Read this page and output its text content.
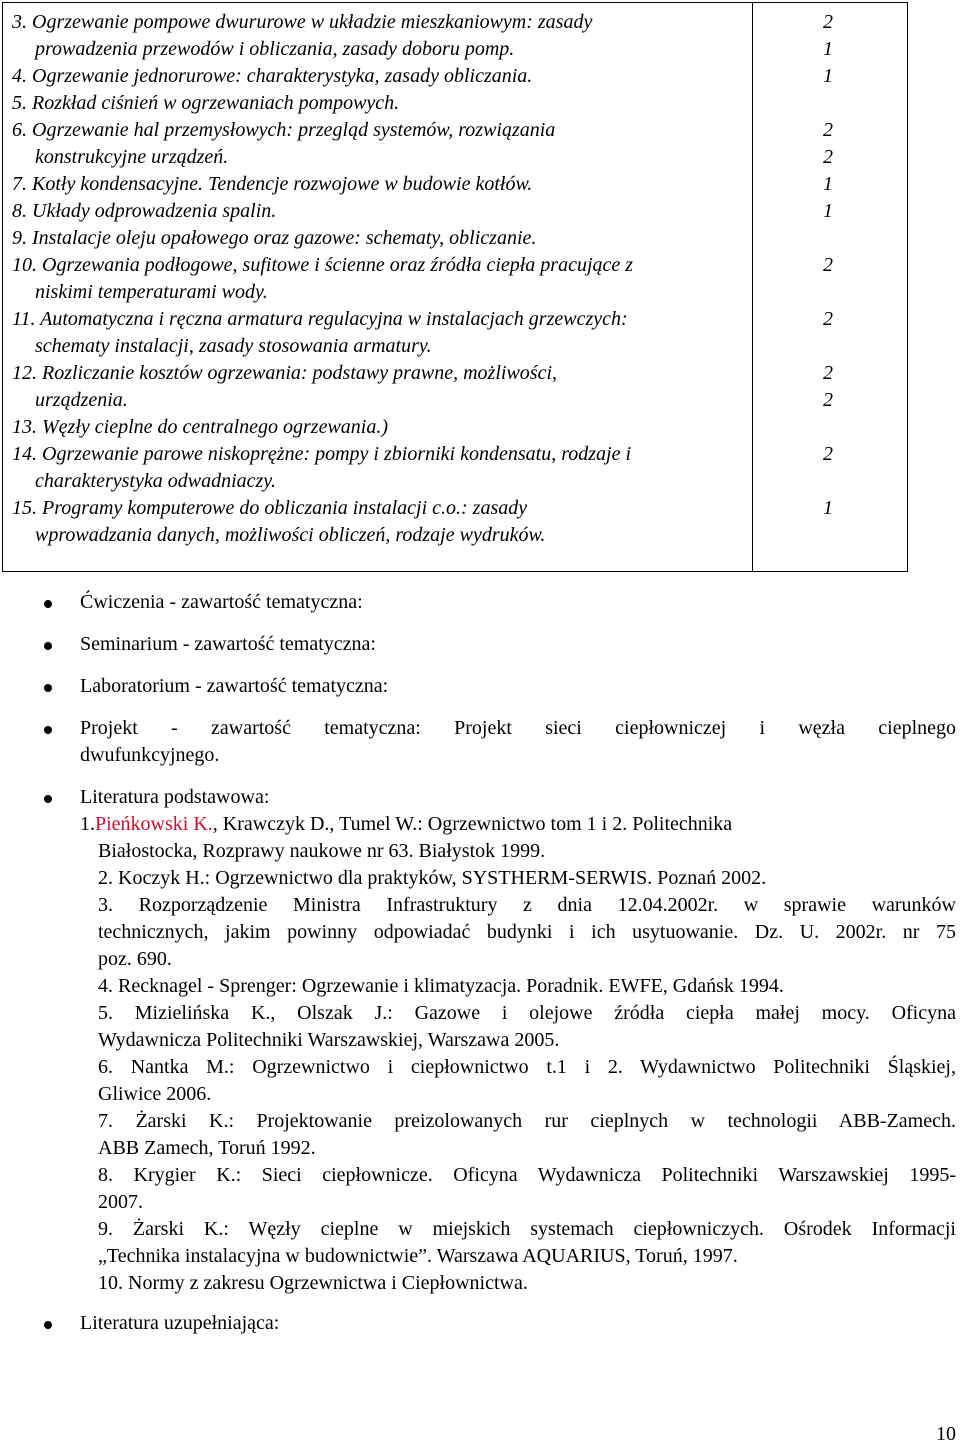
3. Ogrzewanie pompowe dwururowe w układzie mieszkaniowym: zasady
prowadzenia przewodów i obliczania, zasady doboru pomp.
4. Ogrzewanie jednorurowe: charakterystyka, zasady obliczania.
5. Rozkład ciśnień w ogrzewaniach pompowych.
6. Ogrzewanie hal przemysłowych: przegląd systemów, rozwiązania
konstrukcyjne urządzeń.
7. Kotły kondensacyjne. Tendencje rozwojowe w budowie kotłów.
8. Układy odprowadzenia spalin.
9. Instalacje oleju opałowego oraz gazowe: schematy, obliczanie.
10. Ogrzewania podłogowe, sufitowe i ścienne oraz źródła ciepła pracujące z
niskimi temperaturami wody.
11. Automatyczna i ręczna armatura regulacyjna w instalacjach grzewczych:
schematy instalacji, zasady stosowania armatury.
12. Rozliczanie kosztów ogrzewania: podstawy prawne, możliwości,
urządzenia.
13. Węzły cieplne do centralnego ogrzewania.)
14. Ogrzewanie parowe niskoprężne: pompy i zbiorniki kondensatu, rodzaje i
charakterystyka odwadniaczy.
15. Programy komputerowe do obliczania instalacji c.o.: zasady
wprowadzania danych, możliwości obliczeń, rodzaje wydruków.
2
1
1
2
2
1
1
2
2
2
2
2
1
Ćwiczenia - zawartość tematyczna:
Seminarium - zawartość tematyczna:
Laboratorium - zawartość tematyczna:
Projekt - zawartość tematyczna: Projekt sieci ciepłowniczej i węzła cieplnego
dwufunkcyjnego.
Literatura podstawowa:
1.Pieńkowski K., Krawczyk D., Tumel W.: Ogrzewnictwo tom 1 i 2. Politechnika
Białostocka, Rozprawy naukowe nr 63. Białystok 1999.
2. Koczyk H.: Ogrzewnictwo dla praktyków, SYSTHERM-SERWIS. Poznań 2002.
3. Rozporządzenie Ministra Infrastruktury z dnia 12.04.2002r. w sprawie warunków
technicznych, jakim powinny odpowiadać budynki i ich usytuowanie. Dz. U. 2002r. nr 75
poz. 690.
4. Recknagel - Sprenger: Ogrzewanie i klimatyzacja. Poradnik. EWFE, Gdańsk 1994.
5. Mizielińska K., Olszak J.: Gazowe i olejowe źródła ciepła małej mocy. Oficyna
Wydawnicza Politechniki Warszawskiej, Warszawa 2005.
6. Nantka M.: Ogrzewnictwo i ciepłownictwo t.1 i 2. Wydawnictwo Politechniki Śląskiej,
Gliwice 2006.
7. Żarski K.: Projektowanie preizolowanych rur cieplnych w technologii ABB-Zamech.
ABB Zamech, Toruń 1992.
8. Krygier K.: Sieci ciepłownicze. Oficyna Wydawnicza Politechniki Warszawskiej 1995-
2007.
9. Żarski K.: Węzły cieplne w miejskich systemach ciepłowniczych. Ośrodek Informacji
„Technika instalacyjna w budownictwie”. Warszawa AQUARIUS, Toruń, 1997.
10. Normy z zakresu Ogrzewnictwa i Ciepłownictwa.
Literatura uzupełniająca:
10
